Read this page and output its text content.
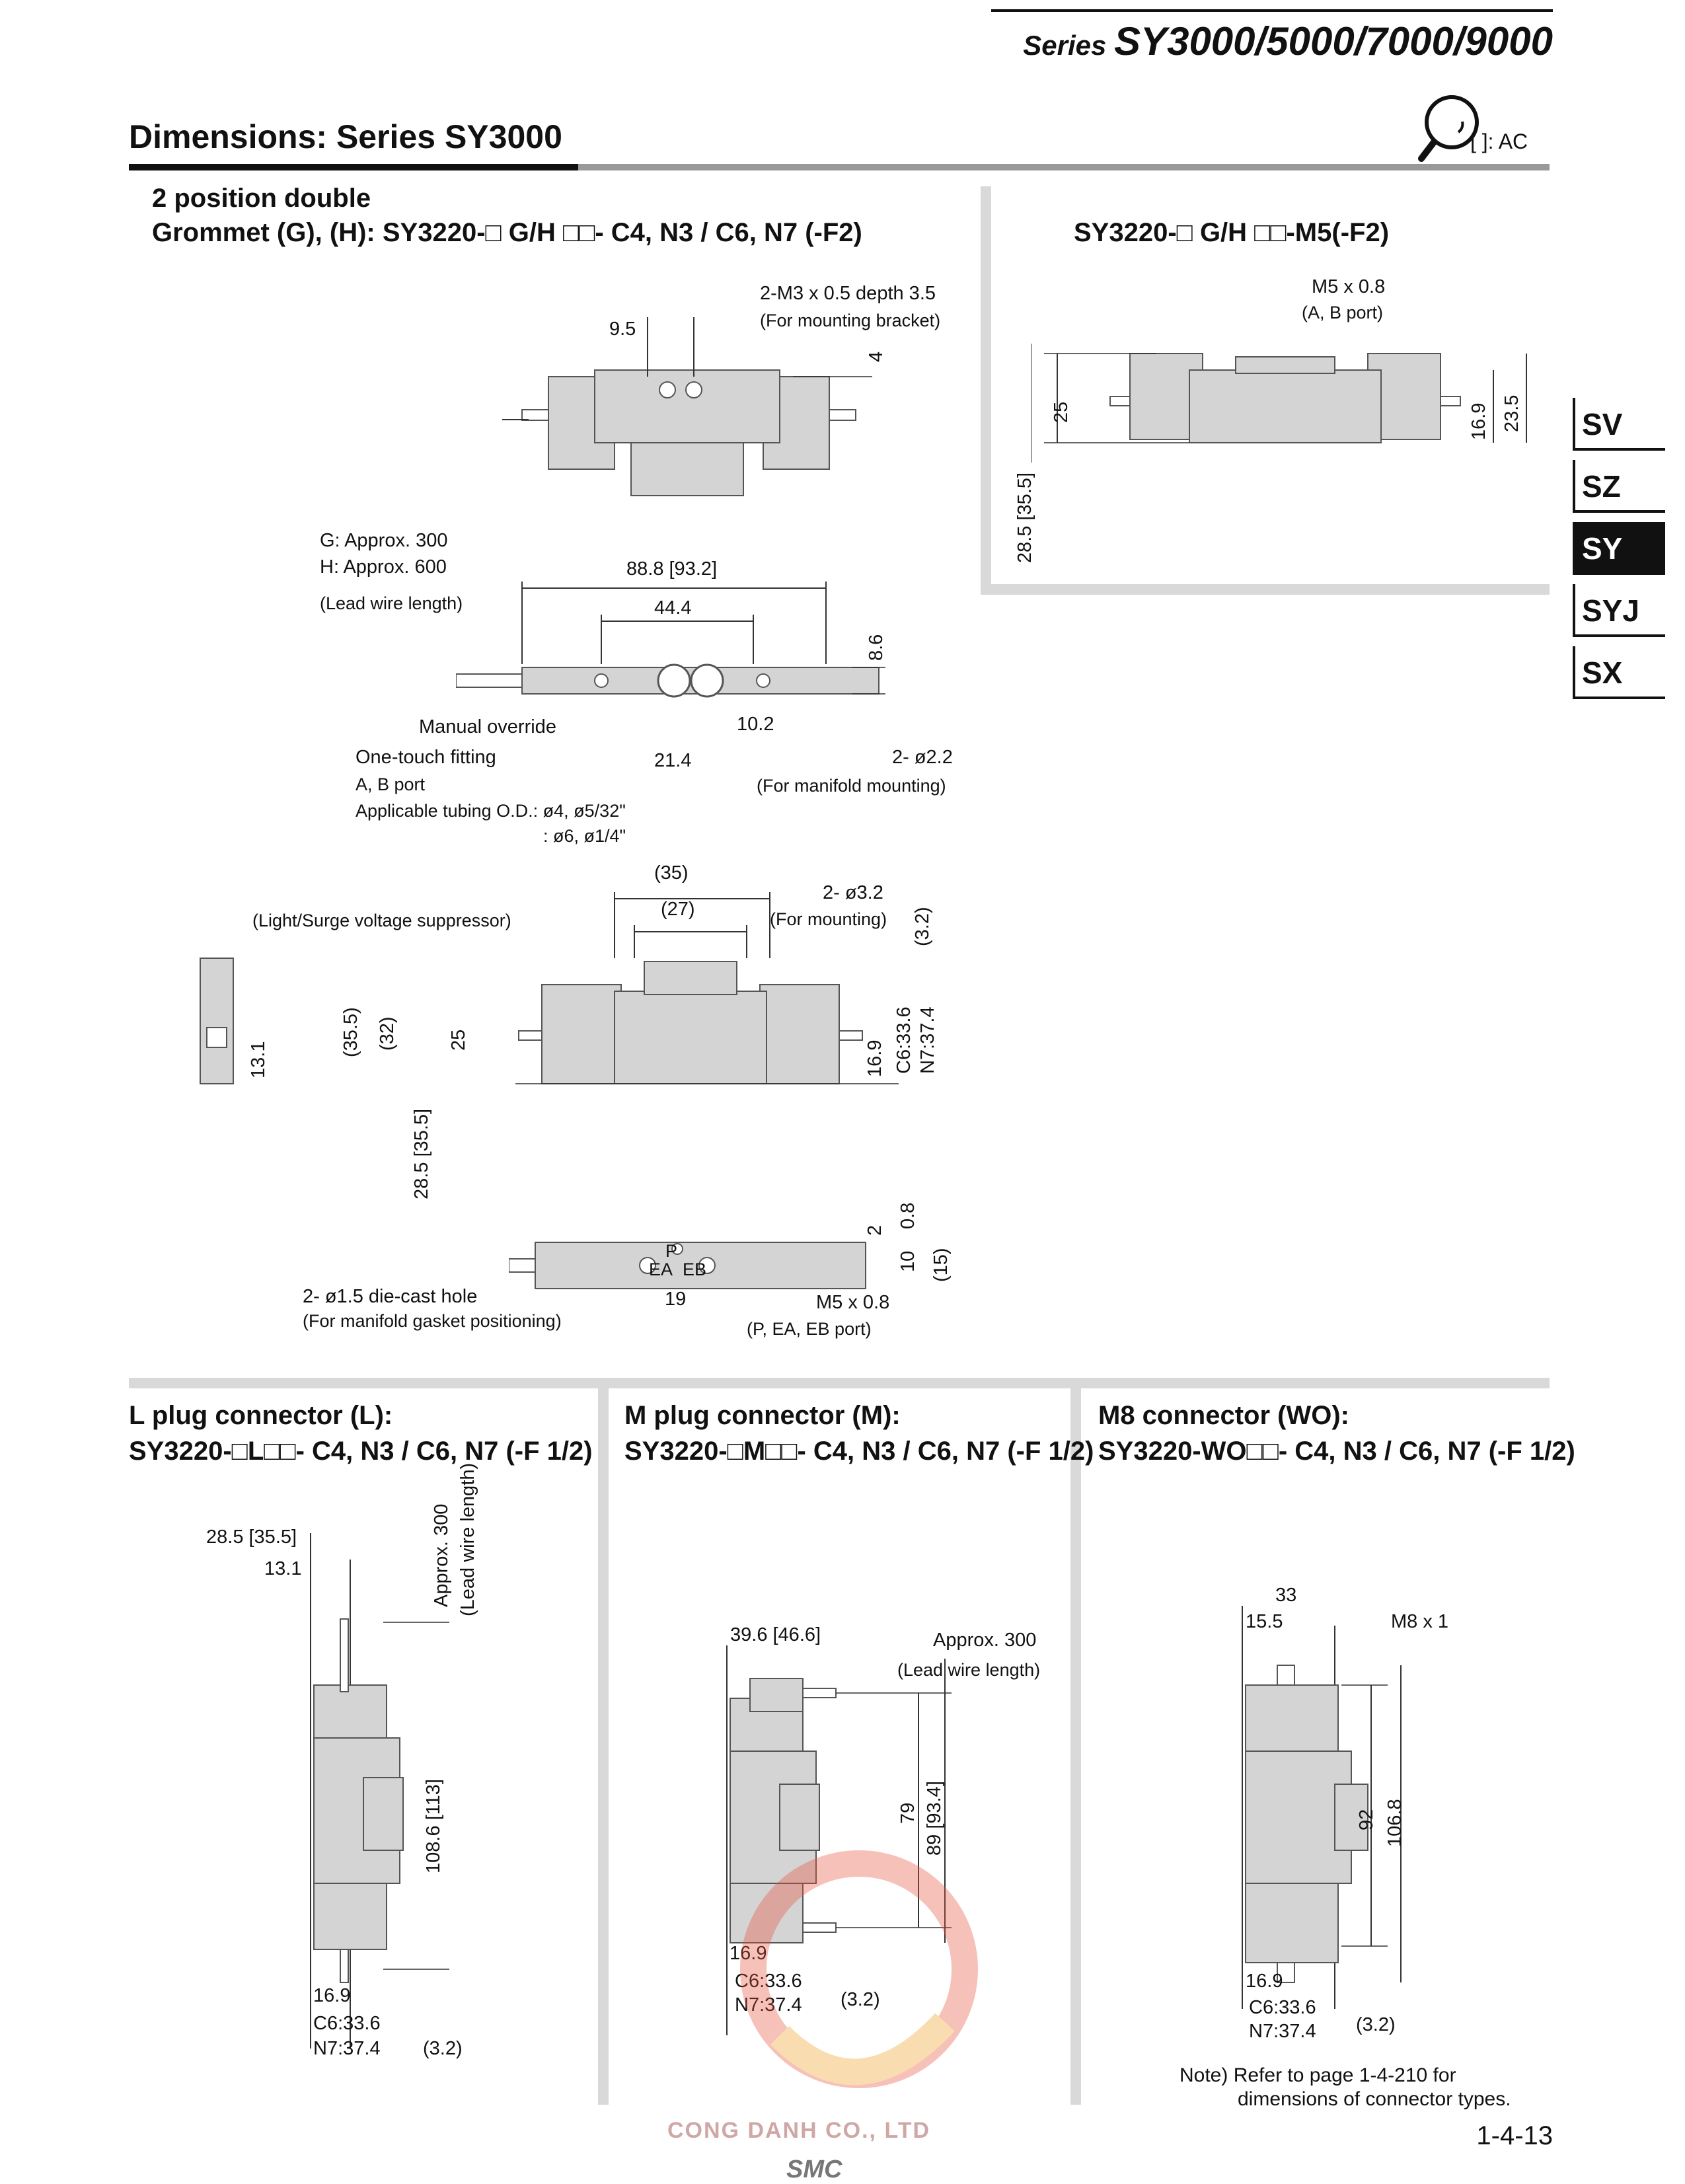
Series SY3000/5000/7000/9000
Dimensions: Series SY3000	[ ]: AC
SV
SZ
SY
SYJ
SX
2 position double
Grommet (G), (H): SY3220-□ G/H □□- C4, N3 / C6, N7 (-F2)
2-M3 x 0.5 depth 3.5
(For mounting bracket)
9.5
4
G: Approx. 300
H: Approx. 600
(Lead wire length)
88.8 [93.2]
44.4
8.6
Manual override
One-touch fitting
A, B port
Applicable tubing O.D.: ø4, ø5/32"
: ø6, ø1/4"
10.2
21.4	2- ø2.2
(For manifold mounting)
(35)
(27)
2- ø3.2
(For mounting) (3.2)
(Light/Surge voltage suppressor)
(35.5) (32)	25	16.9 C6:33.6 N7:37.4
13.1
28.5 [35.5]
P
EA EB
2
0.8
10 (15)
2- ø1.5 die-cast hole
(For manifold gasket positioning)
19	M5 x 0.8
(P, EA, EB port)
SY3220-□ G/H □□-M5(-F2)
M5 x 0.8
(A, B port)
25	16.9 23.5
28.5 [35.5]
L plug connector (L):
SY3220-□L□□- C4, N3 / C6, N7 (-F 1/2)
28.5 [35.5]
13.1	Approx. 300 (Lead wire length)
108.6 [113]
16.9
C6:33.6
N7:37.4 (3.2)
M plug connector (M):
SY3220-□M□□- C4, N3 / C6, N7 (-F 1/2)
39.6 [46.6]	Approx. 300
(Lead wire length)
79 89 [93.4]
16.9
C6:33.6
N7:37.4 (3.2)
M8 connector (WO):
SY3220-WO□□- C4, N3 / C6, N7 (-F 1/2)
33
15.5	M8 x 1
92 106.8
16.9
C6:33.6
N7:37.4 (3.2)
Note) Refer to page 1-4-210 for
dimensions of connector types.
CONG DANH CO., LTD
SMC
1-4-13
